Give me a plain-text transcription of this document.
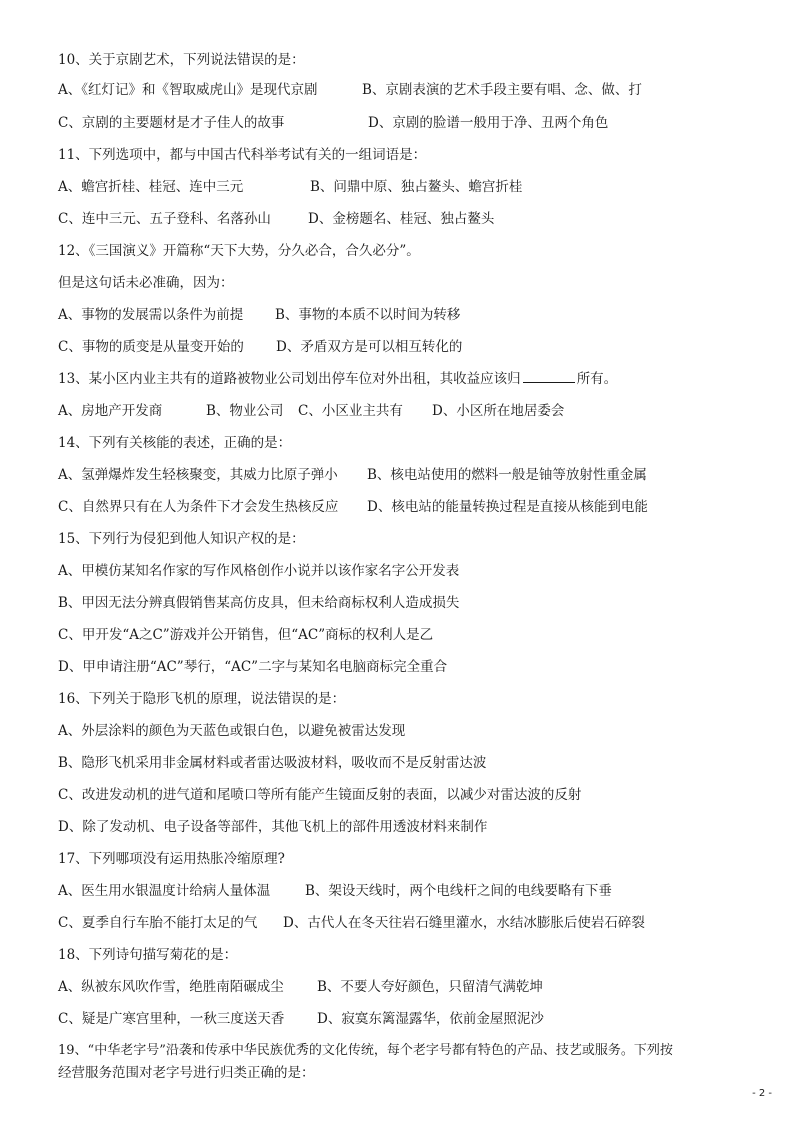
10、关于京剧艺术，下列说法错误的是：
A、《红灯记》和《智取威虎山》是现代京剧	B、京剧表演的艺术手段主要有唱、念、做、打
C、京剧的主要题材是才子佳人的故事	D、京剧的脸谱一般用于净、丑两个角色
11、下列选项中，都与中国古代科举考试有关的一组词语是：
A、蟾宫折桂、桂冠、连中三元	B、问鼎中原、独占鳌头、蟾宫折桂
C、连中三元、五子登科、名落孙山	D、金榜题名、桂冠、独占鳌头
12、《三国演义》开篇称“天下大势，分久必合，合久必分”。
但是这句话未必准确，因为：
A、事物的发展需以条件为前提 B、事物的本质不以时间为转移
C、事物的质变是从量变开始的 D、矛盾双方是可以相互转化的
13、某小区内业主共有的道路被物业公司划出停车位对外出租，其收益应该归	所有。
A、房地产开发商	B、物业公司 C、小区业主共有 D、小区所在地居委会
14、下列有关核能的表述，正确的是：
A、氢弹爆炸发生轻核聚变，其威力比原子弹小 B、核电站使用的燃料一般是铀等放射性重金属
C、自然界只有在人为条件下才会发生热核反应 D、核电站的能量转换过程是直接从核能到电能
15、下列行为侵犯到他人知识产权的是：
A、甲模仿某知名作家的写作风格创作小说并以该作家名字公开发表
B、甲因无法分辨真假销售某高仿皮具，但未给商标权利人造成损失
C、甲开发“A之C”游戏并公开销售，但“AC”商标的权利人是乙
D、甲申请注册“AC”琴行，“AC”二字与某知名电脑商标完全重合
16、下列关于隐形飞机的原理，说法错误的是：
A、外层涂料的颜色为天蓝色或银白色，以避免被雷达发现
B、隐形飞机采用非金属材料或者雷达吸波材料，吸收而不是反射雷达波
C、改进发动机的进气道和尾喷口等所有能产生镜面反射的表面，以减少对雷达波的反射
D、除了发动机、电子设备等部件，其他飞机上的部件用透波材料来制作
17、下列哪项没有运用热胀冷缩原理?
A、医生用水银温度计给病人量体温	B、架设天线时，两个电线杆之间的电线要略有下垂
C、夏季自行车胎不能打太足的气 D、古代人在冬天往岩石缝里灌水，水结冰膨胀后使岩石碎裂
18、下列诗句描写菊花的是：
A、纵被东风吹作雪，绝胜南陌碾成尘 B、不要人夸好颜色，只留清气满乾坤
C、疑是广寒宫里种，一秋三度送天香 D、寂寞东篱湿露华，依前金屋照泥沙
19、“中华老字号”沿袭和传承中华民族优秀的文化传统，每个老字号都有特色的产品、技艺或服务。下列按
经营服务范围对老字号进行归类正确的是：
- 2 -
